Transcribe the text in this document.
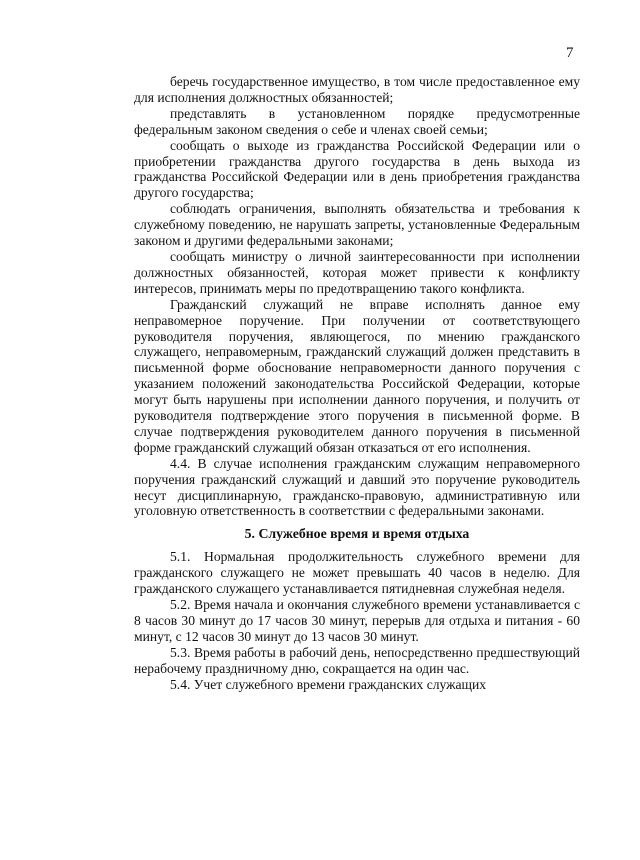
7

беречь государственное имущество, в том числе предоставленное ему для исполнения должностных обязанностей;

представлять в установленном порядке предусмотренные федеральным законом сведения о себе и членах своей семьи;

сообщать о выходе из гражданства Российской Федерации или о приобретении гражданства другого государства в день выхода из гражданства Российской Федерации или в день приобретения гражданства другого государства;

соблюдать ограничения, выполнять обязательства и требования к служебному поведению, не нарушать запреты, установленные Федеральным законом и другими федеральными законами;

сообщать министру о личной заинтересованности при исполнении должностных обязанностей, которая может привести к конфликту интересов, принимать меры по предотвращению такого конфликта.

Гражданский служащий не вправе исполнять данное ему неправомерное поручение. При получении от соответствующего руководителя поручения, являющегося, по мнению гражданского служащего, неправомерным, гражданский служащий должен представить в письменной форме обоснование неправомерности данного поручения с указанием положений законодательства Российской Федерации, которые могут быть нарушены при исполнении данного поручения, и получить от руководителя подтверждение этого поручения в письменной форме. В случае подтверждения руководителем данного поручения в письменной форме гражданский служащий обязан отказаться от его исполнения.

4.4. В случае исполнения гражданским служащим неправомерного поручения гражданский служащий и давший это поручение руководитель несут дисциплинарную, гражданско-правовую, административную или уголовную ответственность в соответствии с федеральными законами.

5. Служебное время и время отдыха

5.1. Нормальная продолжительность служебного времени для гражданского служащего не может превышать 40 часов в неделю. Для гражданского служащего устанавливается пятидневная служебная неделя.

5.2. Время начала и окончания служебного времени устанавливается с 8 часов 30 минут до 17 часов 30 минут, перерыв для отдыха и питания - 60 минут, с 12 часов 30 минут до 13 часов 30 минут.

5.3. Время работы в рабочий день, непосредственно предшествующий нерабочему праздничному дню, сокращается на один час.

5.4. Учет служебного времени гражданских служащих
